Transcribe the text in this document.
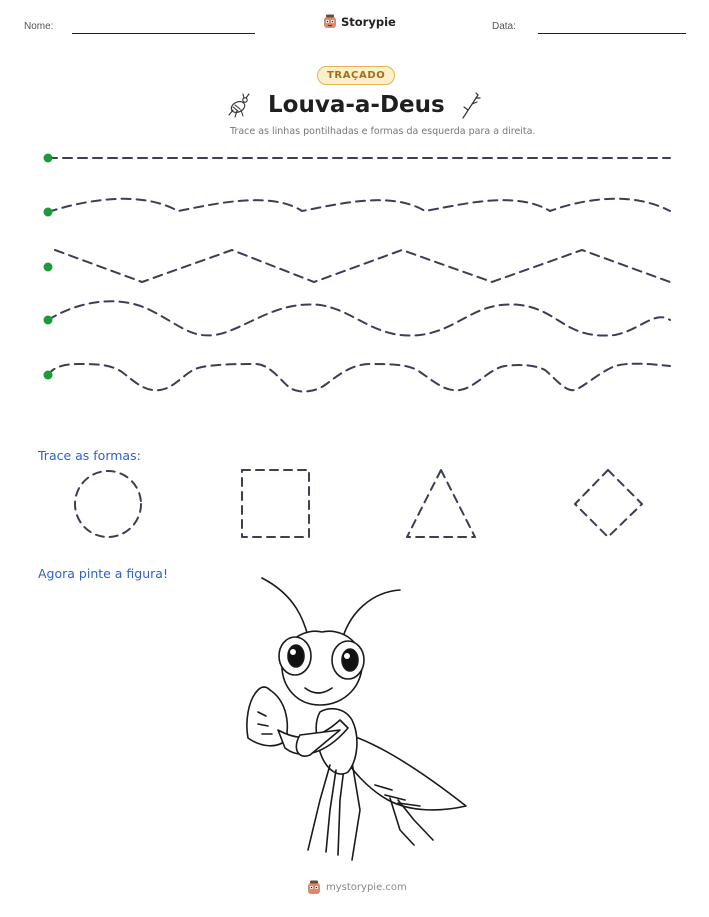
Nome:	Storypie	Data:
TRAÇADO
Louva-a-Deus
Trace as linhas pontilhadas e formas da esquerda para a direita.
Trace as formas:
Agora pinte a figura!
mystorypie.com
